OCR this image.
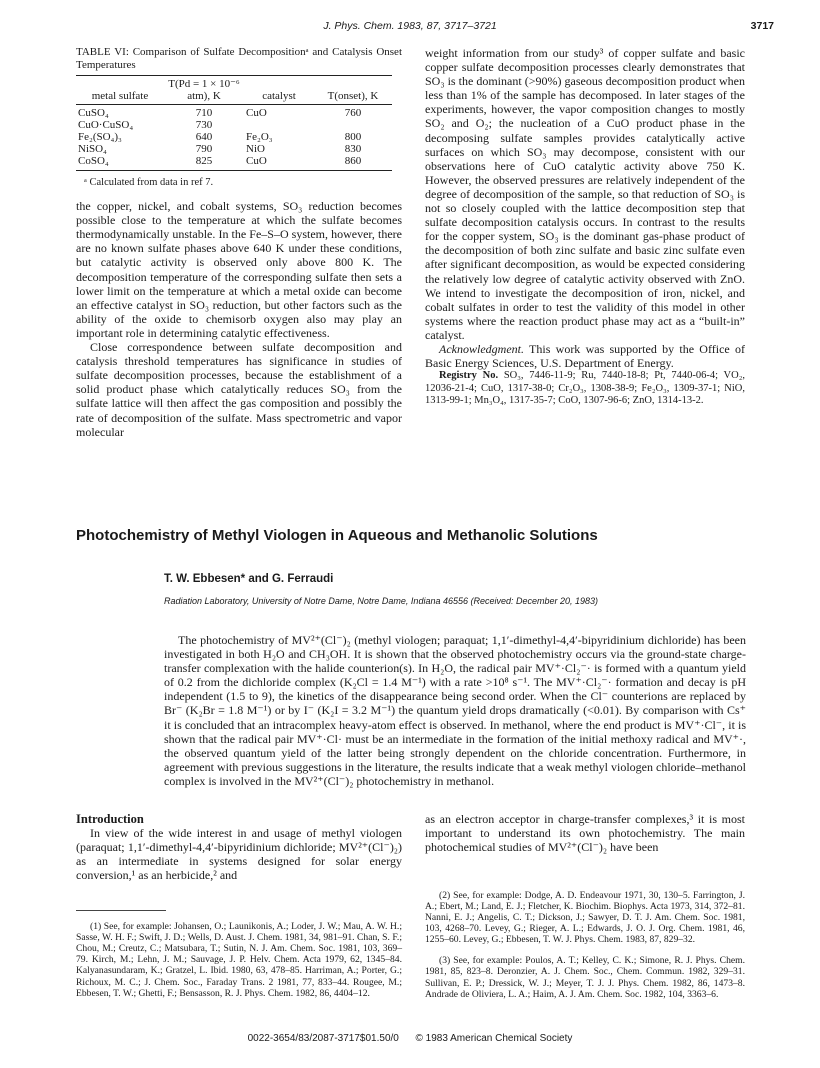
J. Phys. Chem. 1983, 87, 3717–3721	3717
TABLE VI: Comparison of Sulfate Decompositionᵃ and Catalysis Onset Temperatures
metal sulfate	T(Pd = 1 × 10⁻⁶ atm), K	catalyst	T(onset), K
CuSO₄	710	CuO	760
CuO·CuSO₄	730		
Fe₂(SO₄)₃	640	Fe₂O₃	800
NiSO₄	790	NiO	830
CoSO₄	825	CuO	860
ᵃ Calculated from data in ref 7.

the copper, nickel, and cobalt systems, SO₃ reduction becomes possible close to the temperature at which the sulfate becomes thermodynamically unstable. In the Fe–S–O system, however, there are no known sulfate phases above 640 K under these conditions, but catalytic activity is observed only above 800 K. The decomposition temperature of the corresponding sulfate then sets a lower limit on the temperature at which a metal oxide can become an effective catalyst in SO₃ reduction, but other factors such as the ability of the oxide to chemisorb oxygen also may play an important role in determining catalytic effectiveness.

Close correspondence between sulfate decomposition and catalysis threshold temperatures has significance in studies of sulfate decomposition processes, because the establishment of a solid product phase which catalytically reduces SO₃ from the sulfate lattice will then affect the gas composition and possibly the rate of decomposition of the sulfate. Mass spectrometric and vapor molecular

weight information from our study³ of copper sulfate and basic copper sulfate decomposition processes clearly demonstrates that SO₃ is the dominant (>90%) gaseous decomposition product when less than 1% of the sample has decomposed. In later stages of the experiments, however, the vapor composition changes to mostly SO₂ and O₂; the nucleation of a CuO product phase in the decomposing sulfate samples provides catalytically active surfaces on which SO₃ may decompose, consistent with our observations here of CuO catalytic activity above 750 K. However, the observed pressures are relatively independent of the degree of decomposition of the sample, so that reduction of SO₃ is not so closely coupled with the lattice decomposition step that sulfate decomposition catalysis occurs. In contrast to the results for the copper system, SO₃ is the dominant gas-phase product of the decomposition of both zinc sulfate and basic zinc sulfate even after significant decomposition, as would be expected considering the relatively low degree of catalytic activity observed with ZnO. We intend to investigate the decomposition of iron, nickel, and cobalt sulfates in order to test the validity of this model in other systems where the reaction product phase may act as a “built-in” catalyst.

Acknowledgment. This work was supported by the Office of Basic Energy Sciences, U.S. Department of Energy.

Registry No. SO₃, 7446-11-9; Ru, 7440-18-8; Pt, 7440-06-4; VO₂, 12036-21-4; CuO, 1317-38-0; Cr₂O₃, 1308-38-9; Fe₂O₃, 1309-37-1; NiO, 1313-99-1; Mn₃O₄, 1317-35-7; CoO, 1307-96-6; ZnO, 1314-13-2.

Photochemistry of Methyl Viologen in Aqueous and Methanolic Solutions
T. W. Ebbesen* and G. Ferraudi
Radiation Laboratory, University of Notre Dame, Notre Dame, Indiana 46556 (Received: December 20, 1983)
The photochemistry of MV²⁺(Cl⁻)₂ (methyl viologen; paraquat; 1,1′-dimethyl-4,4′-bipyridinium dichloride) has been investigated in both H₂O and CH₃OH. It is shown that the observed photochemistry occurs via the ground-state charge-transfer complexation with the halide counterion(s). In H₂O, the radical pair MV⁺·Cl₂⁻· is formed with a quantum yield of 0.2 from the dichloride complex (K₂Cl = 1.4 M⁻¹) with a rate >10⁸ s⁻¹. The MV⁺·Cl₂⁻· formation and decay is pH independent (1.5 to 9), the kinetics of the disappearance being second order. When the Cl⁻ counterions are replaced by Br⁻ (K₂Br = 1.8 M⁻¹) or by I⁻ (K₂I = 3.2 M⁻¹) the quantum yield drops dramatically (<0.01). By comparison with Cs⁺ it is concluded that an intracomplex heavy-atom effect is observed. In methanol, where the end product is MV⁺·Cl⁻, it is shown that the radical pair MV⁺·Cl· must be an intermediate in the formation of the initial methoxy radical and MV⁺·, the observed quantum yield of the latter being strongly dependent on the chloride concentration. Furthermore, in agreement with previous suggestions in the literature, the results indicate that a weak methyl viologen chloride–methanol complex is involved in the MV²⁺(Cl⁻)₂ photochemistry in methanol.

Introduction

In view of the wide interest in and usage of methyl viologen (paraquat; 1,1′-dimethyl-4,4′-bipyridinium dichloride; MV²⁺(Cl⁻)₂) as an intermediate in systems designed for solar energy conversion,¹ as an herbicide,² and

as an electron acceptor in charge-transfer complexes,³ it is most important to understand its own photochemistry. The main photochemical studies of MV²⁺(Cl⁻)₂ have been

(1) See, for example: Johansen, O.; Launikonis, A.; Loder, J. W.; Mau, A. W. H.; Sasse, W. H. F.; Swift, J. D.; Wells, D. Aust. J. Chem. 1981, 34, 981–91. Chan, S. F.; Chou, M.; Creutz, C.; Matsubara, T.; Sutin, N. J. Am. Chem. Soc. 1981, 103, 369–79. Kirch, M.; Lehn, J. M.; Sauvage, J. P. Helv. Chem. Acta 1979, 62, 1345–84. Kalyanasundaram, K.; Gratzel, L. Ibid. 1980, 63, 478–85. Harriman, A.; Porter, G.; Richoux, M. C.; J. Chem. Soc., Faraday Trans. 2 1981, 77, 833–44. Rougee, M.; Ebbesen, T. W.; Ghetti, F.; Bensasson, R. J. Phys. Chem. 1982, 86, 4404–12.

(2) See, for example: Dodge, A. D. Endeavour 1971, 30, 130–5. Farrington, J. A.; Ebert, M.; Land, E. J.; Fletcher, K. Biochim. Biophys. Acta 1973, 314, 372–81. Nanni, E. J.; Angelis, C. T.; Dickson, J.; Sawyer, D. T. J. Am. Chem. Soc. 1981, 103, 4268–70. Levey, G.; Rieger, A. L.; Edwards, J. O. J. Org. Chem. 1981, 46, 1255–60. Levey, G.; Ebbesen, T. W. J. Phys. Chem. 1983, 87, 829–32.

(3) See, for example: Poulos, A. T.; Kelley, C. K.; Simone, R. J. Phys. Chem. 1981, 85, 823–8. Deronzier, A. J. Chem. Soc., Chem. Commun. 1982, 329–31. Sullivan, E. P.; Dressick, W. J.; Meyer, T. J. J. Phys. Chem. 1982, 86, 1473–8. Andrade de Oliviera, L. A.; Haim, A. J. Am. Chem. Soc. 1982, 104, 3363–6.

0022-3654/83/2087-3717$01.50/0 © 1983 American Chemical Society
